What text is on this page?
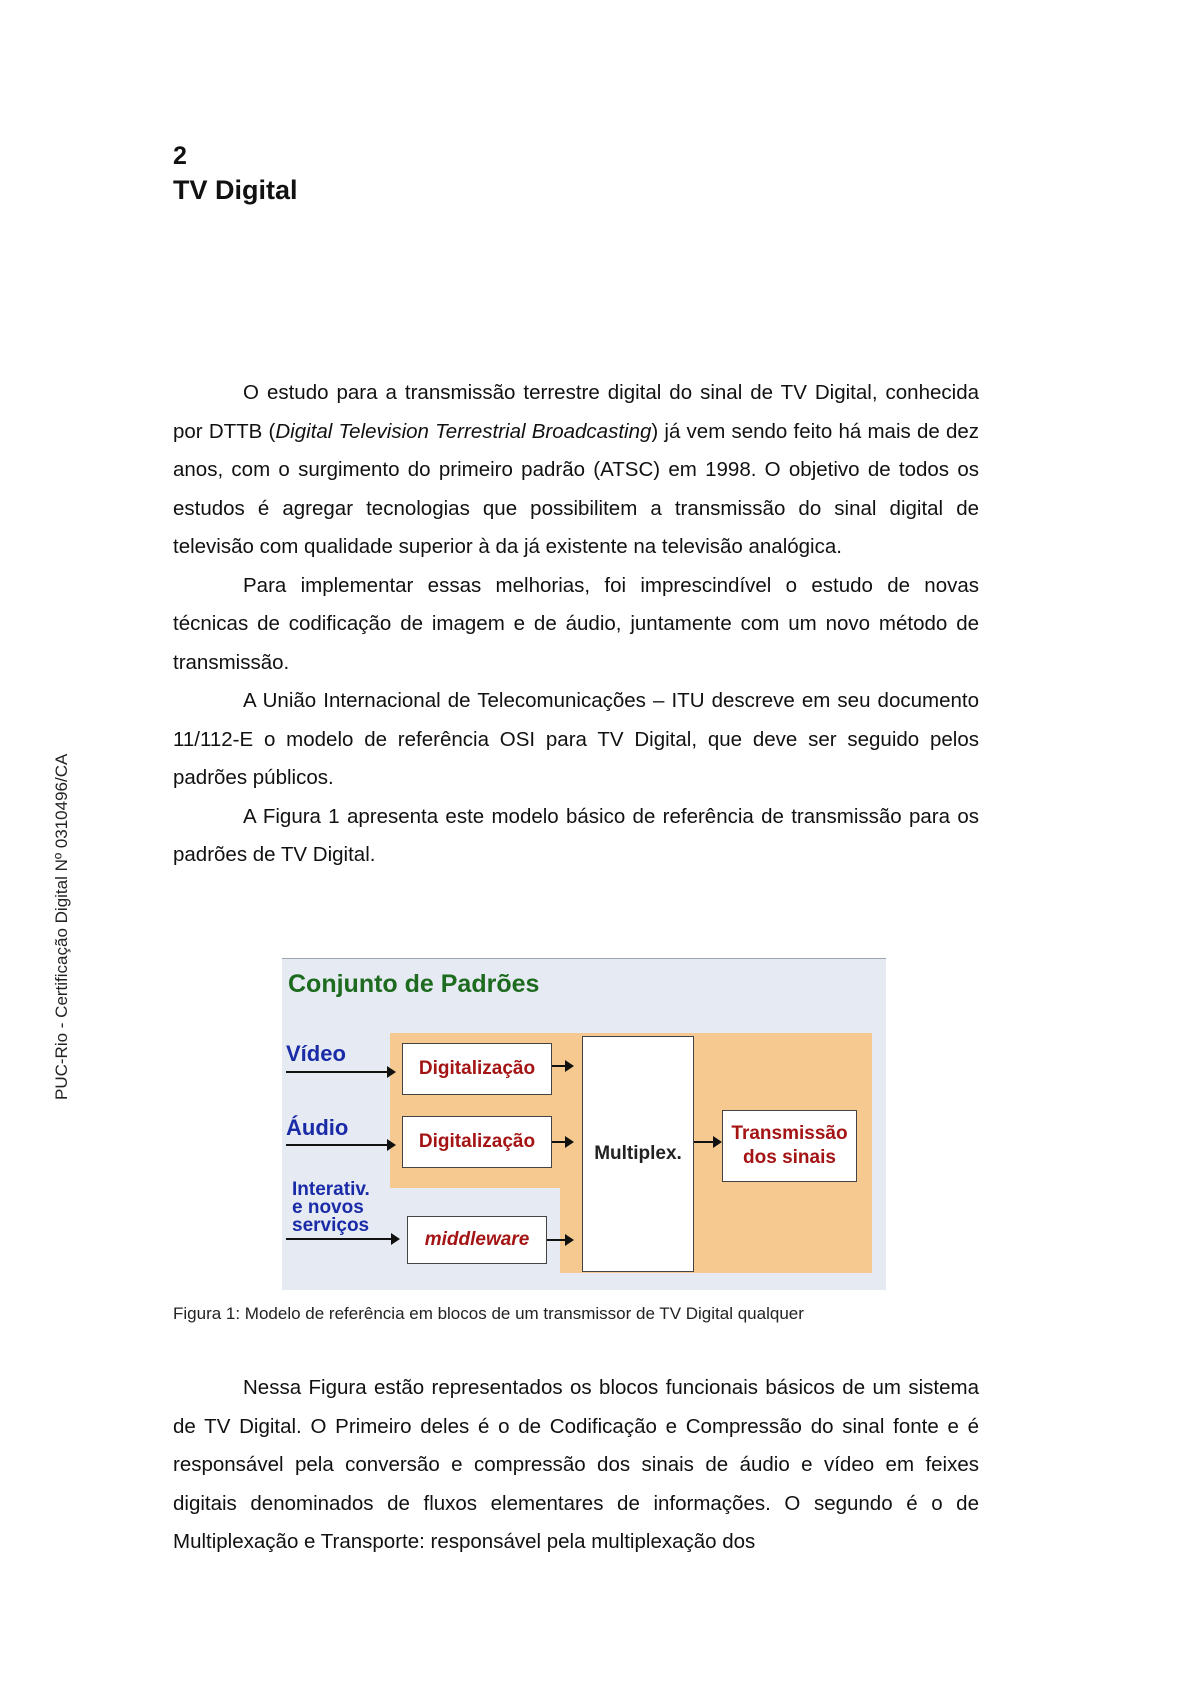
PUC-Rio - Certificação Digital Nº 0310496/CA
2
TV Digital

O estudo para a transmissão terrestre digital do sinal de TV Digital, conhecida por DTTB (Digital Television Terrestrial Broadcasting) já vem sendo feito há mais de dez anos, com o surgimento do primeiro padrão (ATSC) em 1998. O objetivo de todos os estudos é agregar tecnologias que possibilitem a transmissão do sinal digital de televisão com qualidade superior à da já existente na televisão analógica.

Para implementar essas melhorias, foi imprescindível o estudo de novas técnicas de codificação de imagem e de áudio, juntamente com um novo método de transmissão.

A União Internacional de Telecomunicações – ITU descreve em seu documento 11/112-E o modelo de referência OSI para TV Digital, que deve ser seguido pelos padrões públicos.

A Figura 1 apresenta este modelo básico de referência de transmissão para os padrões de TV Digital.

Conjunto de Padrões
Vídeo
Áudio
Interativ.
e novos
serviços
Digitalização
Digitalização
middleware
Multiplex.
Transmissão
dos sinais
Figura 1: Modelo de referência em blocos de um transmissor de TV Digital qualquer

Nessa Figura estão representados os blocos funcionais básicos de um sistema de TV Digital. O Primeiro deles é o de Codificação e Compressão do sinal fonte e é responsável pela conversão e compressão dos sinais de áudio e vídeo em feixes digitais denominados de fluxos elementares de informações. O segundo é o de Multiplexação e Transporte: responsável pela multiplexação dos
